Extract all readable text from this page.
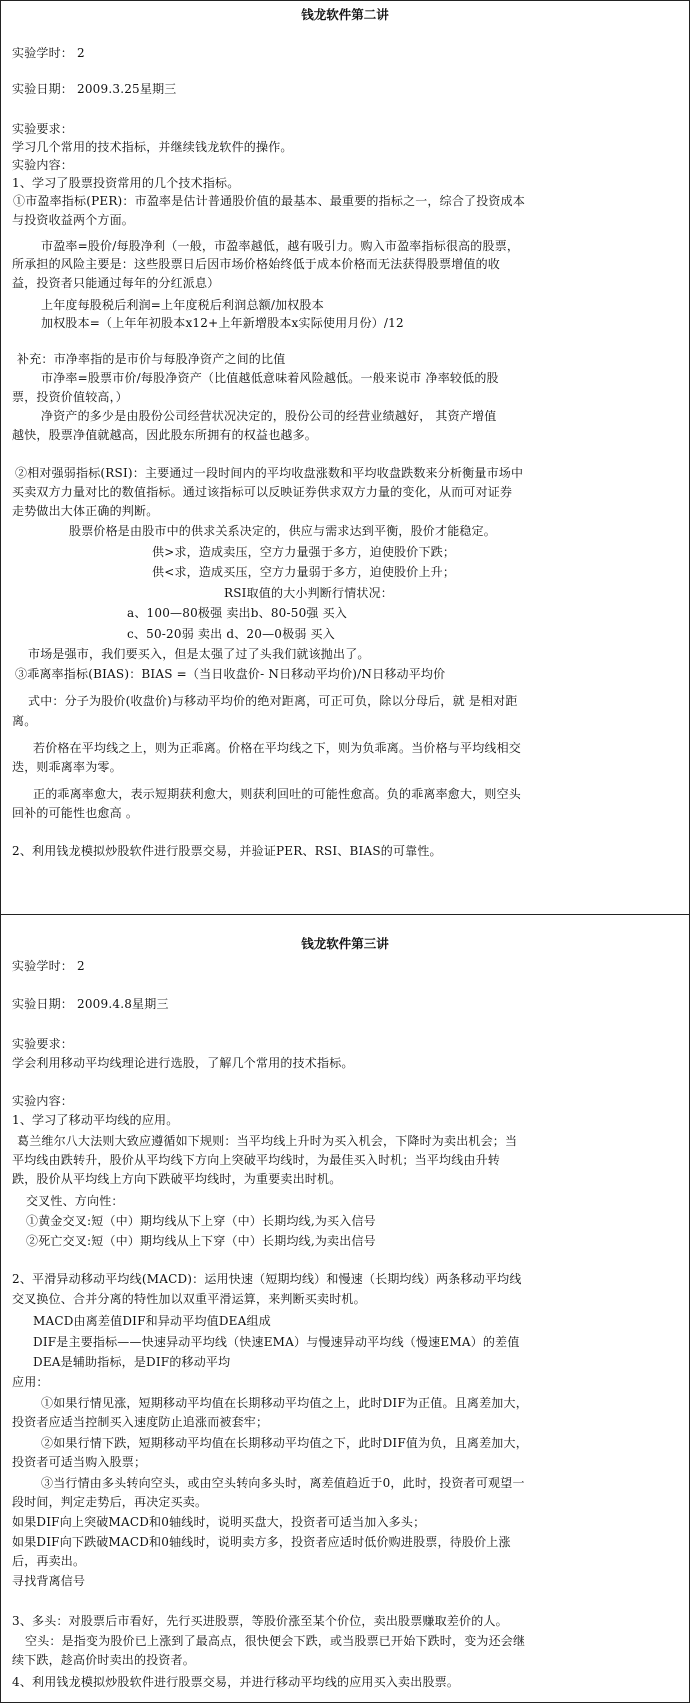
钱龙软件第二讲
实验学时： 2
实验日期： 2009.3.25星期三
实验要求：
学习几个常用的技术指标，并继续钱龙软件的操作。
实验内容：
1、学习了股票投资常用的几个技术指标。
①市盈率指标(PER)：市盈率是估计普通股价值的最基本、最重要的指标之一，综合了投资成本
与投资收益两个方面。
市盈率=股价/每股净利（一般，市盈率越低，越有吸引力。购入市盈率指标很高的股票，
所承担的风险主要是：这些股票日后因市场价格始终低于成本价格而无法获得股票增值的收
益，投资者只能通过每年的分红派息）
上年度每股税后利润=上年度税后利润总额/加权股本
加权股本=（上年年初股本x12+上年新增股本x实际使用月份）/12
补充：市净率指的是市价与每股净资产之间的比值
市净率=股票市价/每股净资产（比值越低意味着风险越低。一般来说市 净率较低的股
票，投资价值较高，）
净资产的多少是由股份公司经营状况决定的，股份公司的经营业绩越好， 其资产增值
越快，股票净值就越高，因此股东所拥有的权益也越多。
②相对强弱指标(RSI)：主要通过一段时间内的平均收盘涨数和平均收盘跌数来分析衡量市场中
买卖双方力量对比的数值指标。通过该指标可以反映证券供求双方力量的变化，从而可对证券
走势做出大体正确的判断。
股票价格是由股市中的供求关系决定的，供应与需求达到平衡，股价才能稳定。
供>求，造成卖压，空方力量强于多方，迫使股价下跌；
供<求，造成买压，空方力量弱于多方，迫使股价上升；
RSI取值的大小判断行情状况：
a、100—80极强 卖出b、80-50强 买入
c、50-20弱 卖出 d、20—0极弱 买入
市场是强市，我们要买入，但是太强了过了头我们就该抛出了。
③乖离率指标(BIAS)：BIAS =（当日收盘价- N日移动平均价)/N日移动平均价
式中：分子为股价(收盘价)与移动平均价的绝对距离，可正可负，除以分母后，就 是相对距
离。
若价格在平均线之上，则为正乖离。价格在平均线之下，则为负乖离。当价格与平均线相交
迭，则乖离率为零。
正的乖离率愈大，表示短期获利愈大，则获利回吐的可能性愈高。负的乖离率愈大，则空头
回补的可能性也愈高 。
2、利用钱龙模拟炒股软件进行股票交易，并验证PER、RSI、BIAS的可靠性。
钱龙软件第三讲
实验学时： 2
实验日期： 2009.4.8星期三
实验要求：
学会利用移动平均线理论进行选股，了解几个常用的技术指标。
实验内容：
1、学习了移动平均线的应用。
葛兰维尔八大法则大致应遵循如下规则：当平均线上升时为买入机会，下降时为卖出机会；当
平均线由跌转升，股价从平均线下方向上突破平均线时，为最佳买入时机；当平均线由升转
跌，股价从平均线上方向下跌破平均线时，为重要卖出时机。
交叉性、方向性：
①黄金交叉:短（中）期均线从下上穿（中）长期均线,为买入信号
②死亡交叉:短（中）期均线从上下穿（中）长期均线,为卖出信号
2、平滑异动移动平均线(MACD)：运用快速（短期均线）和慢速（长期均线）两条移动平均线
交叉换位、合并分离的特性加以双重平滑运算，来判断买卖时机。
MACD由离差值DIF和异动平均值DEA组成
DIF是主要指标——快速异动平均线（快速EMA）与慢速异动平均线（慢速EMA）的差值
DEA是辅助指标，是DIF的移动平均
应用：
①如果行情见涨，短期移动平均值在长期移动平均值之上，此时DIF为正值。且离差加大，
投资者应适当控制买入速度防止追涨而被套牢；
②如果行情下跌，短期移动平均值在长期移动平均值之下，此时DIF值为负，且离差加大，
投资者可适当购入股票；
③当行情由多头转向空头，或由空头转向多头时，离差值趋近于0，此时，投资者可观望一
段时间，判定走势后，再决定买卖。
如果DIF向上突破MACD和0轴线时，说明买盘大，投资者可适当加入多头；
如果DIF向下跌破MACD和0轴线时，说明卖方多，投资者应适时低价购进股票，待股价上涨
后，再卖出。
寻找背离信号
3、多头：对股票后市看好，先行买进股票，等股价涨至某个价位，卖出股票赚取差价的人。
空头：是指变为股价已上涨到了最高点，很快便会下跌，或当股票已开始下跌时，变为还会继
续下跌，趁高价时卖出的投资者。
4、利用钱龙模拟炒股软件进行股票交易，并进行移动平均线的应用买入卖出股票。
